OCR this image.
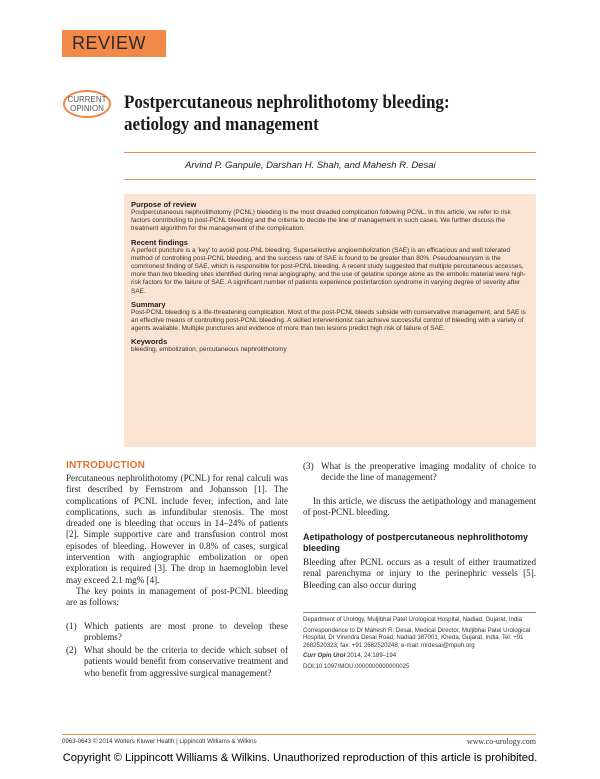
REVIEW
CURRENT
OPINION Postpercutaneous nephrolithotomy bleeding:
aetiology and management
Arvind P. Ganpule, Darshan H. Shah, and Mahesh R. Desai
Purpose of review

Postpercutaneous nephrolithotomy (PCNL) bleeding is the most dreaded complication following PCNL. In this article, we refer to risk factors contributing to post-PCNL bleeding and the criteria to decide the line of management in such cases. We further discuss the treatment algorithm for the management of the complication.

Recent findings

A perfect puncture is a 'key' to avoid post-PNL bleeding. Superselective angioembolization (SAE) is an efficacious and well tolerated method of controlling post-PCNL bleeding, and the success rate of SAE is found to be greater than 80%. Pseudoaneurysm is the commonest finding of SAE, which is responsible for post-PCNL bleeding. A recent study suggested that multiple percutaneous accesses, more than two bleeding sites identified during renal angiography, and the use of gelatine sponge alone as the embolic material were high-risk factors for the failure of SAE. A significant number of patients experience postinfarction syndrome in varying degree of severity after SAE.

Summary

Post-PCNL bleeding is a life-threatening complication. Most of the post-PCNL bleeds subside with conservative management, and SAE is an effective means of controlling post-PCNL bleeding. A skilled interventionist can achieve successful control of bleeding with a variety of agents available. Multiple punctures and evidence of more than two lesions predict high risk of failure of SAE.

Keywords

bleeding, embolization, percutaneous nephrolithotomy

INTRODUCTION

Percutaneous nephrolithotomy (PCNL) for renal calculi was first described by Fernstrom and Johansson [1]. The complications of PCNL include fever, infection, and late complications, such as infundibular stenosis. The most dreaded one is bleeding that occurs in 14–24% of patients [2]. Simple supportive care and transfusion control most episodes of bleeding. However in 0.8% of cases, surgical intervention with angiographic embolization or open exploration is required [3]. The drop in haemoglobin level may exceed 2.1 mg% [4].

The key points in management of post-PCNL bleeding are as follows:

(1) Which patients are most prone to develop these problems?
(2) What should be the criteria to decide which subset of patients would benefit from conservative treatment and who benefit from aggressive surgical management?
(3) What is the preoperative imaging modality of choice to decide the line of management?

In this article, we discuss the aetipathology and management of post-PCNL bleeding.

Aetipathology of postpercutaneous nephrolithotomy bleeding

Bleeding after PCNL occurs as a result of either traumatized renal parenchyma or injury to the perinephric vessels [5]. Bleeding can also occur during

Department of Urology, Muljibhai Patel Urological Hospital, Nadiad, Gujarat, India

Correspondence to Dr Mahesh R. Desai, Medical Director, Muljibhai Patel Urological Hospital, Dr Virendra Desai Road, Nadiad 387001, Kheda, Gujarat, India. Tel: +91 2682520323; fax: +91 2682520248; e-mail: mrdesai@mpuh.org

Curr Opin Urol 2014, 24:189–194

DOI:10.1097/MOU.0000000000000025

0963-0643 © 2014 Wolters Kluwer Health | Lippincott Williams & Wilkins	www.co-urology.com
Copyright © Lippincott Williams & Wilkins. Unauthorized reproduction of this article is prohibited.
